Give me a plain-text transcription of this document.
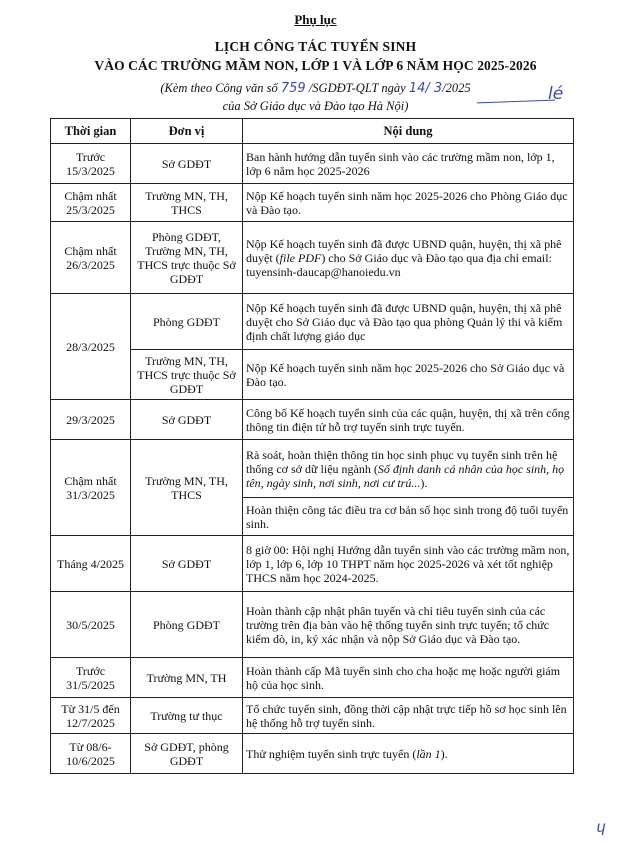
Phụ lục
LỊCH CÔNG TÁC TUYỂN SINH
VÀO CÁC TRƯỜNG MẦM NON, LỚP 1 VÀ LỚP 6 NĂM HỌC 2025-2026
(Kèm theo Công văn số 759 /SGDĐT-QLT ngày 14/ 3/2025	lé
của Sở Giáo dục và Đào tạo Hà Nội)
Thời gian	Đơn vị	Nội dung
Trước 15/3/2025	Sở GDĐT	Ban hành hướng dẫn tuyển sinh vào các trường mầm non, lớp 1, lớp 6 năm học 2025-2026
Chậm nhất 25/3/2025	Trường MN, TH, THCS	Nộp Kế hoạch tuyển sinh năm học 2025-2026 cho Phòng Giáo dục và Đào tạo.
Chậm nhất 26/3/2025	Phòng GDĐT, Trường MN, TH, THCS trực thuộc Sở GDĐT	Nộp Kế hoạch tuyển sinh đã được UBND quận, huyện, thị xã phê duyệt (file PDF) cho Sở Giáo dục và Đào tạo qua địa chỉ email: tuyensinh-daucap@hanoiedu.vn
28/3/2025	Phòng GDĐT	Nộp Kế hoạch tuyển sinh đã được UBND quận, huyện, thị xã phê duyệt cho Sở Giáo dục và Đào tạo qua phòng Quản lý thi và kiểm định chất lượng giáo dục
	Trường MN, TH, THCS trực thuộc Sở GDĐT	Nộp Kế hoạch tuyển sinh năm học 2025-2026 cho Sở Giáo dục và Đào tạo.
29/3/2025	Sở GDĐT	Công bố Kế hoạch tuyển sinh của các quận, huyện, thị xã trên cổng thông tin điện tử hỗ trợ tuyển sinh trực tuyến.
Chậm nhất 31/3/2025	Trường MN, TH, THCS	Rà soát, hoàn thiện thông tin học sinh phục vụ tuyển sinh trên hệ thống cơ sở dữ liệu ngành (Số định danh cá nhân của học sinh, họ tên, ngày sinh, nơi sinh, nơi cư trú...).
		Hoàn thiện công tác điều tra cơ bản số học sinh trong độ tuổi tuyển sinh.
Tháng 4/2025	Sở GDĐT	8 giờ 00: Hội nghị Hướng dẫn tuyển sinh vào các trường mầm non, lớp 1, lớp 6, lớp 10 THPT năm học 2025-2026 và xét tốt nghiệp THCS năm học 2024-2025.
30/5/2025	Phòng GDĐT	Hoàn thành cập nhật phân tuyến và chỉ tiêu tuyển sinh của các trường trên địa bàn vào hệ thống tuyển sinh trực tuyến; tổ chức kiểm dò, in, ký xác nhận và nộp Sở Giáo dục và Đào tạo.
Trước 31/5/2025	Trường MN, TH	Hoàn thành cấp Mã tuyển sinh cho cha hoặc mẹ hoặc người giám hộ của học sinh.
Từ 31/5 đến 12/7/2025	Trường tư thục	Tổ chức tuyển sinh, đồng thời cập nhật trực tiếp hồ sơ học sinh lên hệ thống hỗ trợ tuyển sinh.
Từ 08/6-10/6/2025	Sở GDĐT, phòng GDĐT	Thử nghiệm tuyển sinh trực tuyến (lần 1).
ɥ
